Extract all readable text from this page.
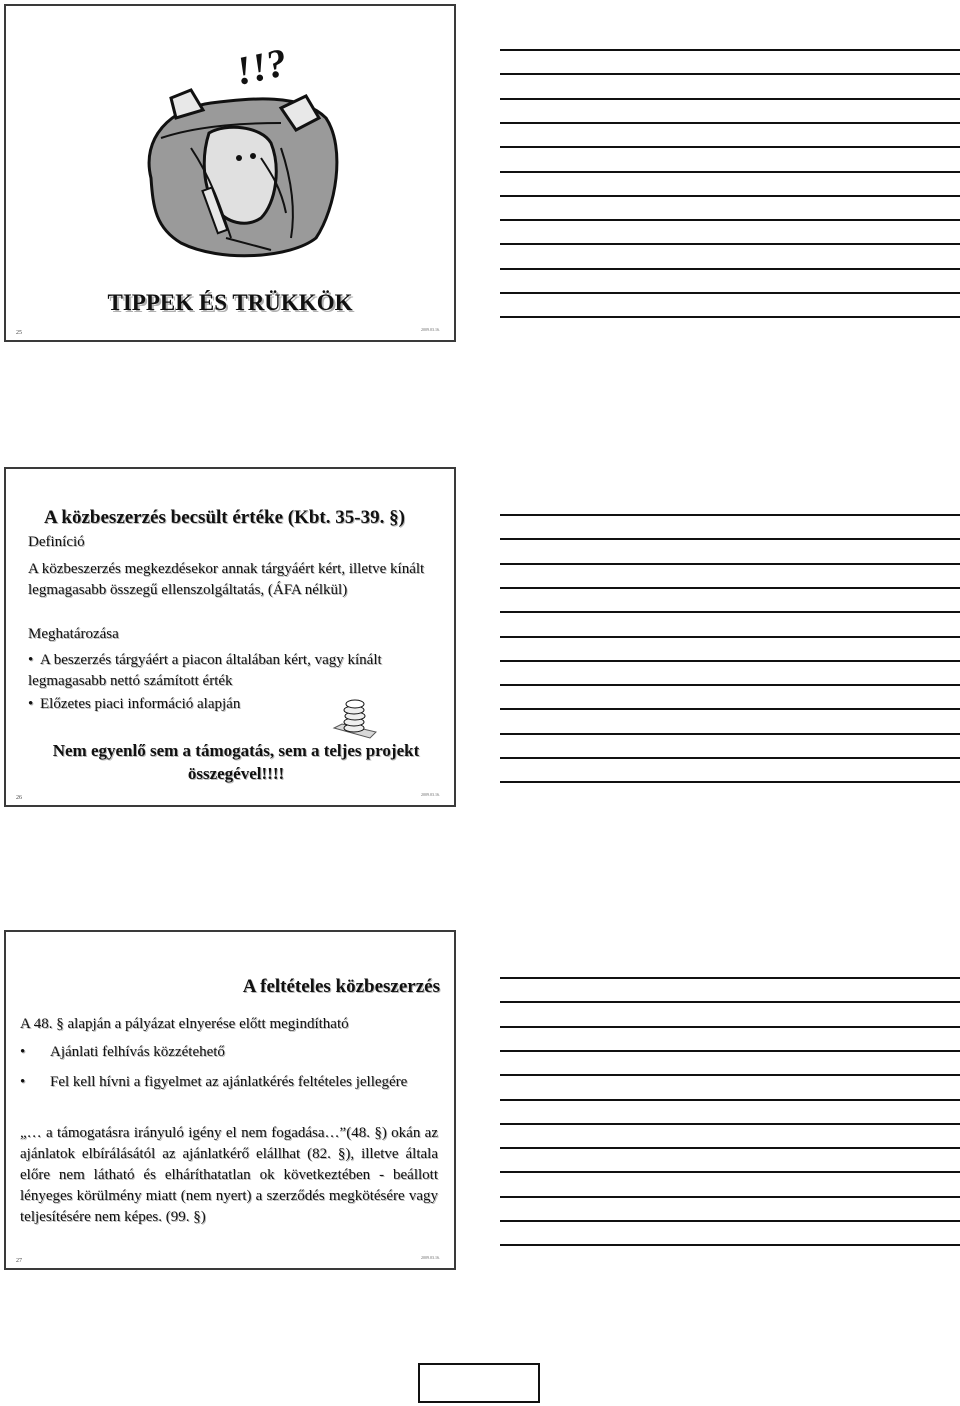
!!?
TIPPEK ÉS TRÜKKÖK
25
2009.03.16.
A közbeszerzés becsült értéke (Kbt. 35-39. §)
Definíció
A közbeszerzés megkezdésekor annak tárgyáért kért, illetve kínált legmagasabb összegű ellenszolgáltatás, (ÁFA nélkül)
Meghatározása
• A beszerzés tárgyáért a piacon általában kért, vagy kínált legmagasabb nettó számított érték
• Előzetes piaci információ alapján
Nem egyenlő sem a támogatás, sem a teljes projekt összegével!!!!
26
2009.03.16.
A feltételes közbeszerzés
A 48. § alapján a pályázat elnyerése előtt megindítható
•	Ajánlati felhívás közzétehető
•	Fel kell hívni a figyelmet az ajánlatkérés feltételes jellegére
„… a támogatásra irányuló igény el nem fogadása…”(48. §) okán az ajánlatok elbírálásától az ajánlatkérő elállhat (82. §), illetve általa előre nem látható és elháríthatatlan ok következtében - beállott lényeges körülmény miatt (nem nyert) a szerződés megkötésére vagy teljesítésére nem képes. (99. §)
27
2009.03.16.
